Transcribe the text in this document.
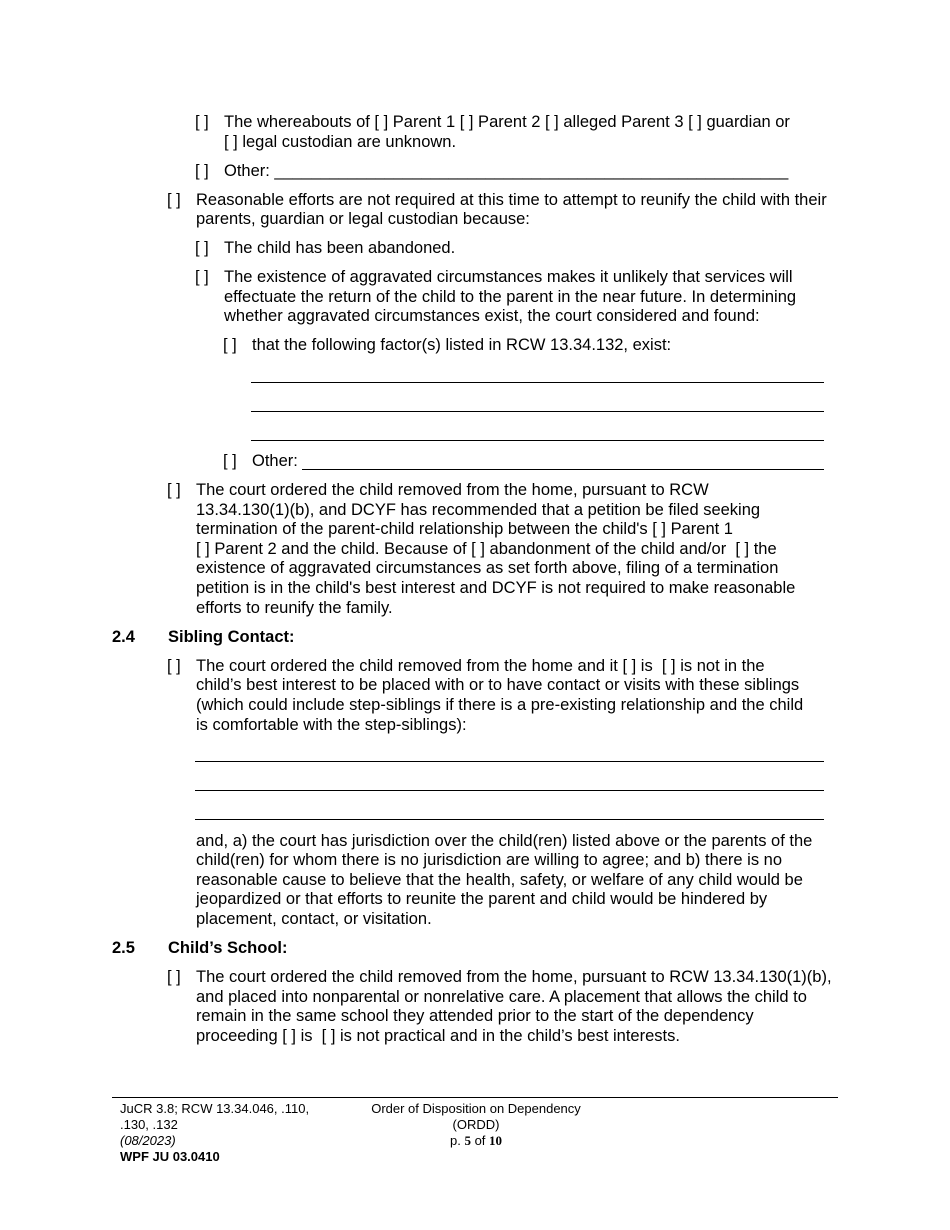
[ ] The whereabouts of [ ] Parent 1 [ ] Parent 2 [ ] alleged Parent 3 [ ] guardian or
[ ] legal custodian are unknown.
[ ] Other: ________________________________________________________
[ ] Reasonable efforts are not required at this time to attempt to reunify the child with their
parents, guardian or legal custodian because:
[ ] The child has been abandoned.
[ ] The existence of aggravated circumstances makes it unlikely that services will
effectuate the return of the child to the parent in the near future. In determining
whether aggravated circumstances exist, the court considered and found:
[ ] that the following factor(s) listed in RCW 13.34.132, exist:
[ ] Other:
[ ] The court ordered the child removed from the home, pursuant to RCW
13.34.130(1)(b), and DCYF has recommended that a petition be filed seeking
termination of the parent-child relationship between the child's [ ] Parent 1
[ ] Parent 2 and the child. Because of [ ] abandonment of the child and/or  [ ] the
existence of aggravated circumstances as set forth above, filing of a termination
petition is in the child's best interest and DCYF is not required to make reasonable
efforts to reunify the family.
2.4 Sibling Contact:
[ ] The court ordered the child removed from the home and it [ ] is  [ ] is not in the
child’s best interest to be placed with or to have contact or visits with these siblings
(which could include step-siblings if there is a pre-existing relationship and the child
is comfortable with the step-siblings):
and, a) the court has jurisdiction over the child(ren) listed above or the parents of the
child(ren) for whom there is no jurisdiction are willing to agree; and b) there is no
reasonable cause to believe that the health, safety, or welfare of any child would be
jeopardized or that efforts to reunite the parent and child would be hindered by
placement, contact, or visitation.
2.5 Child’s School:
[ ] The court ordered the child removed from the home, pursuant to RCW 13.34.130(1)(b),
and placed into nonparental or nonrelative care. A placement that allows the child to
remain in the same school they attended prior to the start of the dependency
proceeding [ ] is  [ ] is not practical and in the child’s best interests.
JuCR 3.8; RCW 13.34.046, .110,
.130, .132
(08/2023)
WPF JU 03.0410
Order of Disposition on Dependency
(ORDD)
p. 5 of 10
